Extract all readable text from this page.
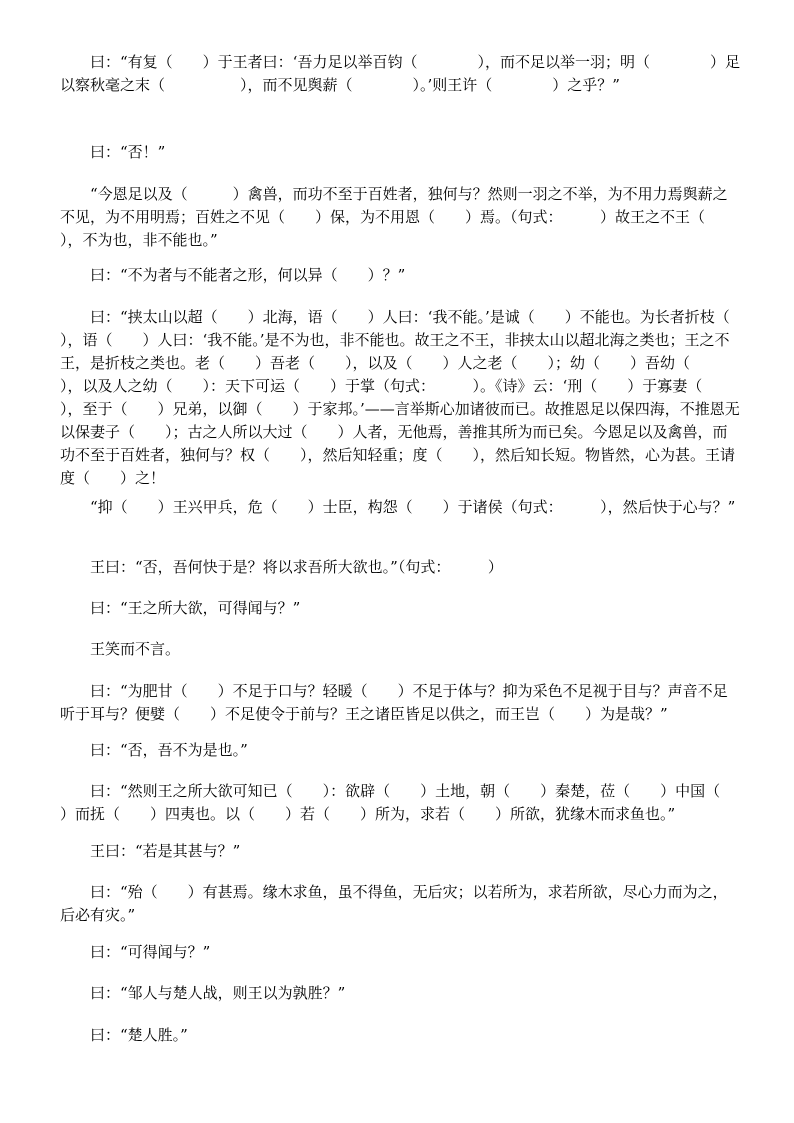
曰：“有复（　　）于王者曰：‘吾力足以举百钧（　　　　），而不足以举一羽；明（　　　　）足以察秋毫之末（　　　　　），而不见舆薪（　　　　）。’则王许（　　　　）之乎？”

曰：“否！”

“今恩足以及（　　　）禽兽，而功不至于百姓者，独何与？然则一羽之不举，为不用力焉舆薪之不见，为不用明焉；百姓之不见（　　）保，为不用恩（　　）焉。（句式：　　　）故王之不王（　　　），不为也，非不能也。”

曰：“不为者与不能者之形，何以异（　　）？”

曰：“挟太山以超（　　）北海，语（　　）人曰：‘我不能。’是诚（　　）不能也。为长者折枝（　　），语（　　）人曰：‘我不能。’是不为也，非不能也。故王之不王，非挟太山以超北海之类也；王之不王，是折枝之类也。老（　　）吾老（　　），以及（　　）人之老（　　）；幼（　　）吾幼（　　），以及人之幼（　　）：天下可运（　　）于掌（句式：　　　）。《诗》云：‘刑（　　）于寡妻（　　），至于（　　）兄弟，以御（　　）于家邦。’——言举斯心加诸彼而已。故推恩足以保四海，不推恩无以保妻子（　　）；古之人所以大过（　　）人者，无他焉，善推其所为而已矣。今恩足以及禽兽，而功不至于百姓者，独何与？权（　　），然后知轻重；度（　　），然后知长短。物皆然，心为甚。王请度（　　）之！

“抑（　　）王兴甲兵，危（　　）士臣，构怨（　　）于诸侯（句式：　　　），然后快于心与？”

王曰：“否，吾何快于是？将以求吾所大欲也。”（句式：　　　）

曰：“王之所大欲，可得闻与？”

王笑而不言。

曰：“为肥甘（　　）不足于口与？轻暖（　　）不足于体与？抑为采色不足视于目与？声音不足听于耳与？便嬖（　　）不足使令于前与？王之诸臣皆足以供之，而王岂（　　）为是哉？”

曰：“否，吾不为是也。”

曰：“然则王之所大欲可知已（　　）：欲辟（　　）土地，朝（　　）秦楚，莅（　　）中国（　　）而抚（　　）四夷也。以（　　）若（　　）所为，求若（　　）所欲，犹缘木而求鱼也。”

王曰：“若是其甚与？”

曰：“殆（　　）有甚焉。缘木求鱼，虽不得鱼，无后灾；以若所为，求若所欲，尽心力而为之，后必有灾。”

曰：“可得闻与？”

曰：“邹人与楚人战，则王以为孰胜？”

曰：“楚人胜。”
